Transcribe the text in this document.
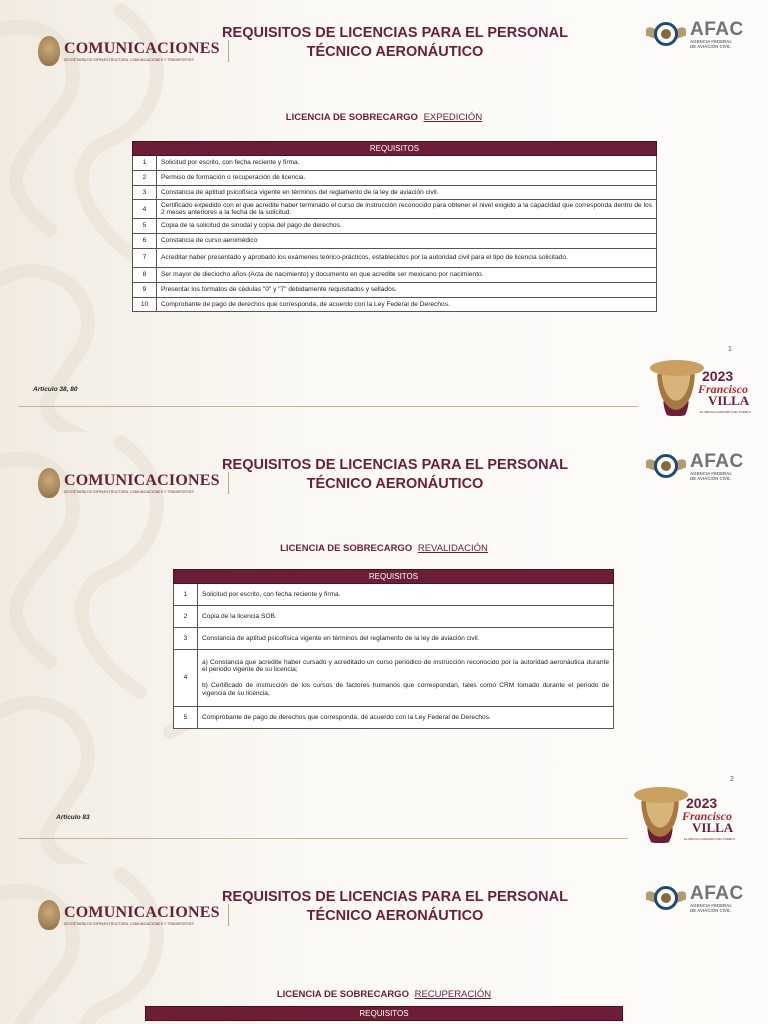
COMUNICACIONES
SECRETARÍA DE INFRAESTRUCTURA, COMUNICACIONES Y TRANSPORTES
REQUISITOS DE LICENCIAS PARA EL PERSONAL
TÉCNICO AERONÁUTICO
AFAC
AGENCIA FEDERAL
DE AVIACIÓN CIVIL
LICENCIA DE SOBRECARGO EXPEDICIÓN
REQUISITOS	
1	Solicitud por escrito, con fecha reciente y firma.
2	Permiso de formación o recuperación de licencia.
3	Constancia de aptitud psicofísica vigente en términos del reglamento de la ley de aviación civil.
4	Certificado expedido con el que acredite haber terminado el curso de instrucción reconocido para obtener el nivel exigido a la capacidad que corresponda dentro de los 2 meses anteriores a la fecha de la solicitud.
5	Copia de la solicitud de sinodal y copia del pago de derechos.
6	Constancia de curso aeromédico
7	Acreditar haber presentado y aprobado los exámenes teórico-prácticos, establecidos por la autoridad civil para el tipo de licencia solicitado.
8	Ser mayor de dieciocho años (Acta de nacimiento) y documento en que acredite ser mexicano por nacimiento.
9	Presentar los formatos de cédulas "0" y "7" debidamente requisitados y sellados.
10	Comprobante de pago de derechos que corresponda, de acuerdo con la Ley Federal de Derechos.
1
Artículo 38, 80
2023
Francisco
VILLA
EL REVOLUCIONARIO DEL PUEBLO
COMUNICACIONES
SECRETARÍA DE INFRAESTRUCTURA, COMUNICACIONES Y TRANSPORTES
REQUISITOS DE LICENCIAS PARA EL PERSONAL
TÉCNICO AERONÁUTICO
AFAC
AGENCIA FEDERAL
DE AVIACIÓN CIVIL
LICENCIA DE SOBRECARGO REVALIDACIÓN
REQUISITOS	
1	Solicitud por escrito, con fecha reciente y firma.
2	Copia de la licencia SOB.
3	Constancia de aptitud psicofísica vigente en términos del reglamento de la ley de aviación civil.
4	a) Constancia que acredite haber cursado y acreditado un curso periódico de instrucción reconocido por la autoridad aeronáutica durante el periodo vigente de su licencia;

b) Certificado de instrucción de los cursos de factores humanos que correspondan, tales como CRM tomado durante el periodo de vigencia de su licencia,

5	Comprobante de pago de derechos que corresponda, de acuerdo con la Ley Federal de Derechos.
2
Artículo 83
2023
Francisco
VILLA
EL REVOLUCIONARIO DEL PUEBLO
COMUNICACIONES
SECRETARÍA DE INFRAESTRUCTURA, COMUNICACIONES Y TRANSPORTES
REQUISITOS DE LICENCIAS PARA EL PERSONAL
TÉCNICO AERONÁUTICO
AFAC
AGENCIA FEDERAL
DE AVIACIÓN CIVIL
LICENCIA DE SOBRECARGO RECUPERACIÓN
REQUISITOS
